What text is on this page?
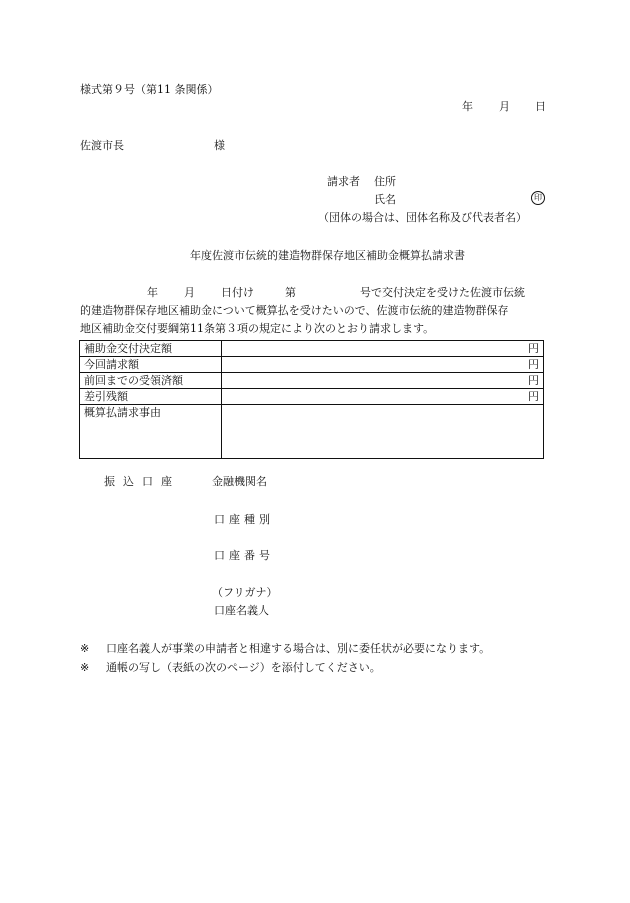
様式第９号（第11 条関係）
年 月 日
佐渡市長	様
請求者 住所
氏名	印
（団体の場合は、団体名称及び代表者名）
年度佐渡市伝統的建造物群保存地区補助金概算払請求書
年 月 日付け	第	号で交付決定を受けた佐渡市伝統
的建造物群保存地区補助金について概算払を受けたいので、佐渡市伝統的建造物群保存
地区補助金交付要綱第11条第３項の規定により次のとおり請求します。
補助金交付決定額	円
今回請求額	円
前回までの受領済額	円
差引残額	円
概算払請求事由	
振込口座	金融機関名
口座種別
口座番号
（フリガナ）
口座名義人
※ 口座名義人が事業の申請者と相違する場合は、別に委任状が必要になります。
※ 通帳の写し（表紙の次のページ）を添付してください。
